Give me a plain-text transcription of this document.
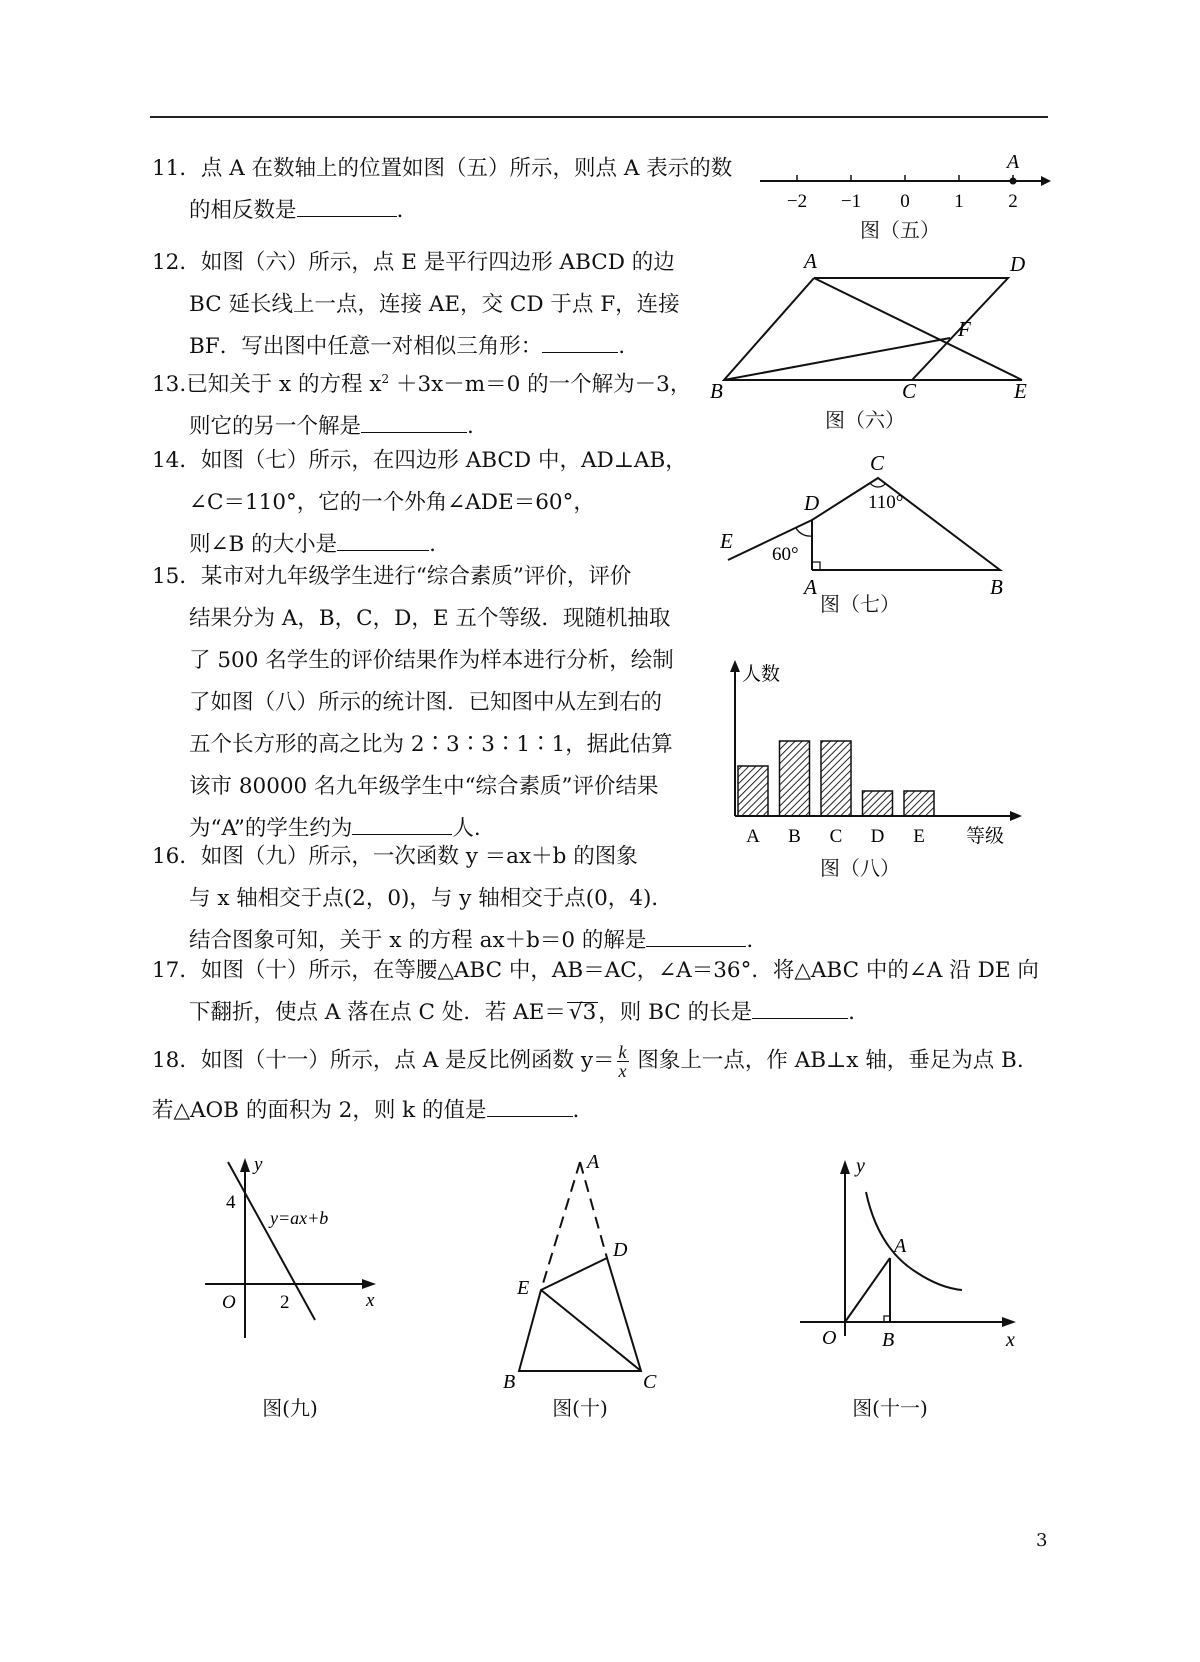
11．点 A 在数轴上的位置如图（五）所示，则点 A 表示的数
的相反数是	.
12．如图（六）所示，点 E 是平行四边形 ABCD 的边
BC 延长线上一点，连接 AE，交 CD 于点 F，连接
BF．写出图中任意一对相似三角形：	.
13.已知关于 x 的方程 $x^2 +3x-m=0$ 的一个解为－3，
则它的另一个解是	.
14．如图（七）所示，在四边形 ABCD 中，AD⊥AB，
∠C＝110°，它的一个外角∠ADE＝60°，
则∠B 的大小是	.
15．某市对九年级学生进行“综合素质”评价，评价
结果分为 A，B，C，D，E 五个等级．现随机抽取
了 500 名学生的评价结果作为样本进行分析，绘制
了如图（八）所示的统计图．已知图中从左到右的
五个长方形的高之比为 2∶3∶3∶1∶1，据此估算
该市 80000 名九年级学生中“综合素质”评价结果
为“A”的学生约为	人.
16．如图（九）所示，一次函数 y ＝ax＋b 的图象
与 x 轴相交于点(2，0)，与 y 轴相交于点(0，4)．
结合图象可知，关于 x 的方程 ax＋b＝0 的解是	.
17．如图（十）所示，在等腰△ABC 中，AB＝AC，∠A＝36°．将△ABC 中的∠A 沿 DE 向
下翻折，使点 A 落在点 C 处．若 AE＝ √3，则 BC 的长是	.
18．如图（十一）所示，点 A 是反比例函数 $y= \frac{k}{x}$ 图象上一点，作 AB⊥x 轴，垂足为点 B.
若△AOB 的面积为 2，则 k 的值是	.
A
−2 −1 0 1 2
图（五）
A	D
F
B	C	E
图（六）
C
D
E
A	B
110°
60°
图（七）
人数
A B C D E 等级
图（八）
y
4
O 2	x
y=ax+b
图(九)
A
D
E
B	C
图(十)
y
A
O B	x
图(十一)
3
